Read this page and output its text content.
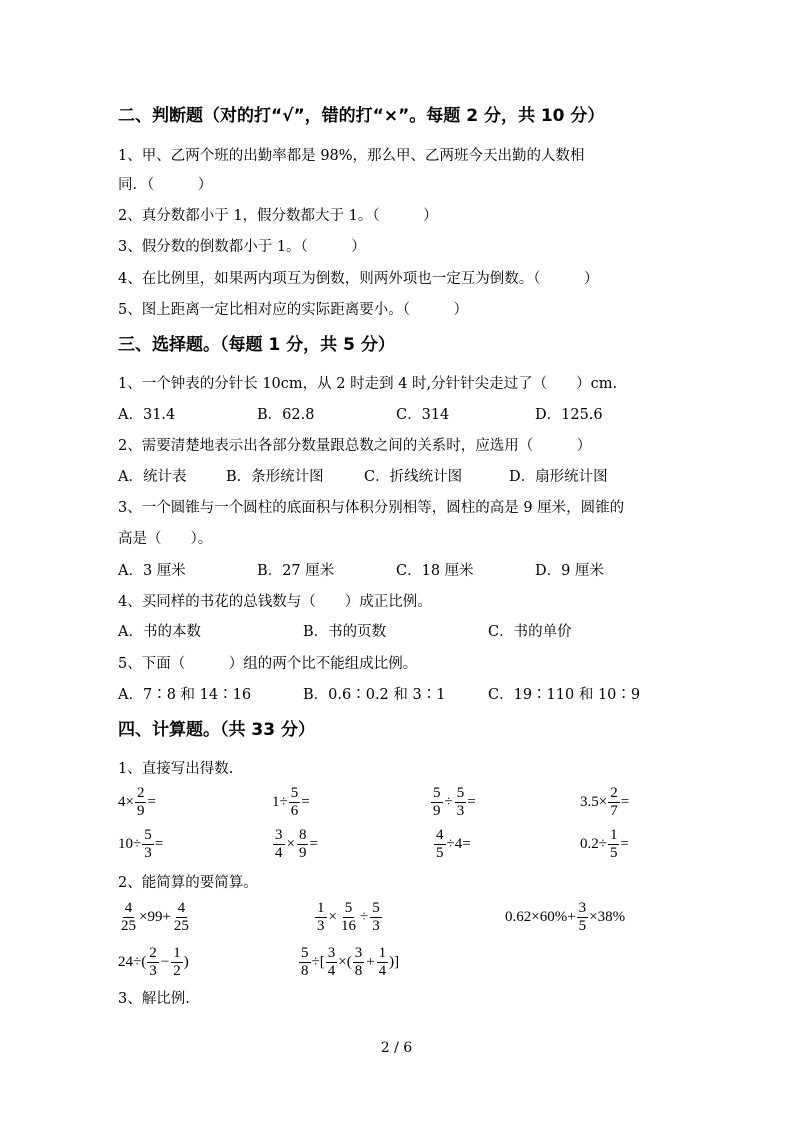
二、判断题（对的打“√”，错的打“×”。每题 2 分，共 10 分）
1、甲、乙两个班的出勤率都是 98%，那么甲、乙两班今天出勤的人数相
同．（　　　）
2、真分数都小于 1，假分数都大于 1。（　　　）
3、假分数的倒数都小于 1。（　　　）
4、在比例里，如果两内项互为倒数，则两外项也一定互为倒数。（　　　）
5、图上距离一定比相对应的实际距离要小。（　　　）
三、选择题。（每题 1 分，共 5 分）
1、一个钟表的分针长 10cm，从 2 时走到 4 时,分针针尖走过了（　　）cm.
A．31.4	B．62.8	C．314	D．125.6
2、需要清楚地表示出各部分数量跟总数之间的关系时，应选用（　　　）
A．统计表	B．条形统计图	C．折线统计图	D．扇形统计图
3、一个圆锥与一个圆柱的底面积与体积分别相等，圆柱的高是 9 厘米，圆锥的
高是（　　）。
A．3 厘米	B．27 厘米	C．18 厘米	D．9 厘米
4、买同样的书花的总钱数与（　　）成正比例。
A．书的本数	B．书的页数	C．书的单价
5、下面（　　　）组的两个比不能组成比例。
A．7∶8 和 14∶16	B．0.6∶0.2 和 3∶1	C．19∶110 和 10∶9
四、计算题。（共 33 分）
1、直接写出得数.
$4\times \frac{2}{9}$ =	$1\div \frac{5}{6}$ =	$\frac{5}{9} \div \frac{5}{3}$ =	$3.5\times \frac{2}{7}$ =
$10\div \frac{5}{3}$ =	$\frac{3}{4} \times \frac{8}{9}$ =	$\frac{4}{5} \div 4$ =	$0.2\div \frac{1}{5}$ =
2、能简算的要简算。
$\frac{4}{25} \times 99+ \frac{4}{25}$	$\frac{1}{3} \times \frac{5}{16} \div \frac{5}{3}$	$0.62\times 60\%+ \frac{3}{5} \times 38\%$
$24\div( \frac{2}{3} - \frac{1}{2}$ )	$\frac{5}{8}$ ÷[ $\frac{3}{4}$ ×( $\frac{3}{8} + \frac{1}{4}$ )]
3、解比例.
2 / 6
